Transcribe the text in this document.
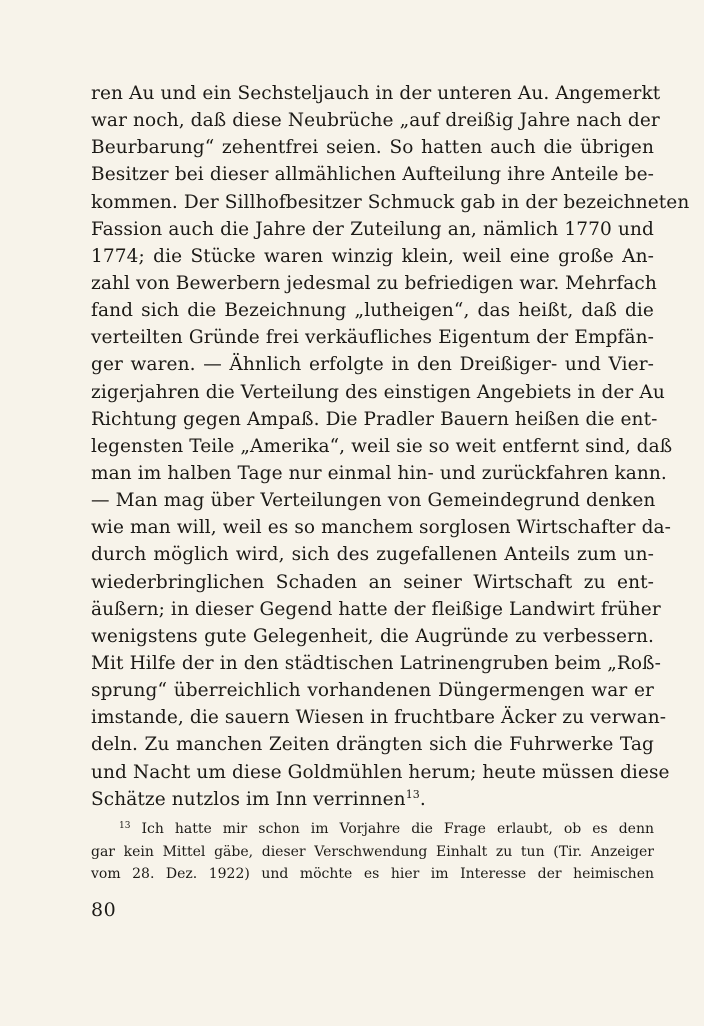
ren Au und ein Sechsteljauch in der unteren Au. Angemerkt
war noch, daß diese Neubrüche „auf dreißig Jahre nach der
Beurbarung“ zehentfrei seien. So hatten auch die übrigen
Besitzer bei dieser allmählichen Aufteilung ihre Anteile be-
kommen. Der Sillhofbesitzer Schmuck gab in der bezeichneten
Fassion auch die Jahre der Zuteilung an, nämlich 1770 und
1774; die Stücke waren winzig klein, weil eine große An-
zahl von Bewerbern jedesmal zu befriedigen war. Mehrfach
fand sich die Bezeichnung „lutheigen“, das heißt, daß die
verteilten Gründe frei verkäufliches Eigentum der Empfän-
ger waren. — Ähnlich erfolgte in den Dreißiger- und Vier-
zigerjahren die Verteilung des einstigen Angebiets in der Au
Richtung gegen Ampaß. Die Pradler Bauern heißen die ent-
legensten Teile „Amerika“, weil sie so weit entfernt sind, daß
man im halben Tage nur einmal hin- und zurückfahren kann.
— Man mag über Verteilungen von Gemeindegrund denken
wie man will, weil es so manchem sorglosen Wirtschafter da-
durch möglich wird, sich des zugefallenen Anteils zum un-
wiederbringlichen Schaden an seiner Wirtschaft zu ent-
äußern; in dieser Gegend hatte der fleißige Landwirt früher
wenigstens gute Gelegenheit, die Augründe zu verbessern.
Mit Hilfe der in den städtischen Latrinengruben beim „Roß-
sprung“ überreichlich vorhandenen Düngermengen war er
imstande, die sauern Wiesen in fruchtbare Äcker zu verwan-
deln. Zu manchen Zeiten drängten sich die Fuhrwerke Tag
und Nacht um diese Goldmühlen herum; heute müssen diese
Schätze nutzlos im Inn verrinnen$^{13}$.
$^{13}$ Ich hatte mir schon im Vorjahre die Frage erlaubt, ob es denn
gar kein Mittel gäbe, dieser Verschwendung Einhalt zu tun (Tir. Anzeiger
vom 28. Dez. 1922) und möchte es hier im Interesse der heimischen
80
